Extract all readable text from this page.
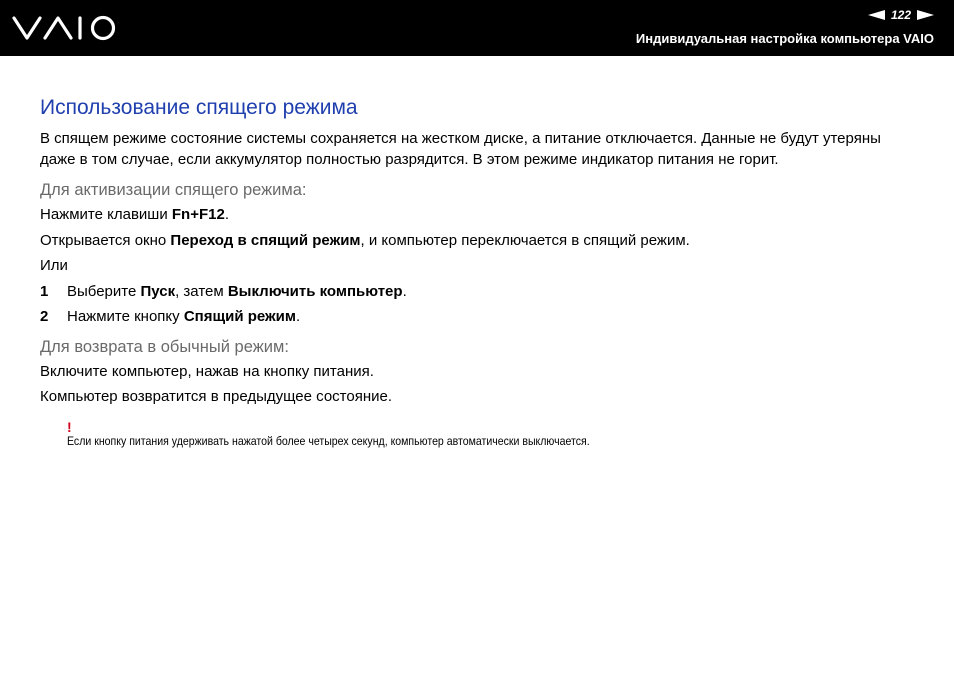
122
Индивидуальная настройка компьютера VAIO
Использование спящего режима

В спящем режиме состояние системы сохраняется на жестком диске, а питание отключается. Данные не будут утеряны даже в том случае, если аккумулятор полностью разрядится. В этом режиме индикатор питания не горит.

Для активизации спящего режима:

Нажмите клавиши Fn+F12.

Открывается окно Переход в спящий режим, и компьютер переключается в спящий режим.

Или

1	Выберите Пуск, затем Выключить компьютер.
2	Нажмите кнопку Спящий режим.
Для возврата в обычный режим:

Включите компьютер, нажав на кнопку питания.

Компьютер возвратится в предыдущее состояние.

!
Если кнопку питания удерживать нажатой более четырех секунд, компьютер автоматически выключается.
